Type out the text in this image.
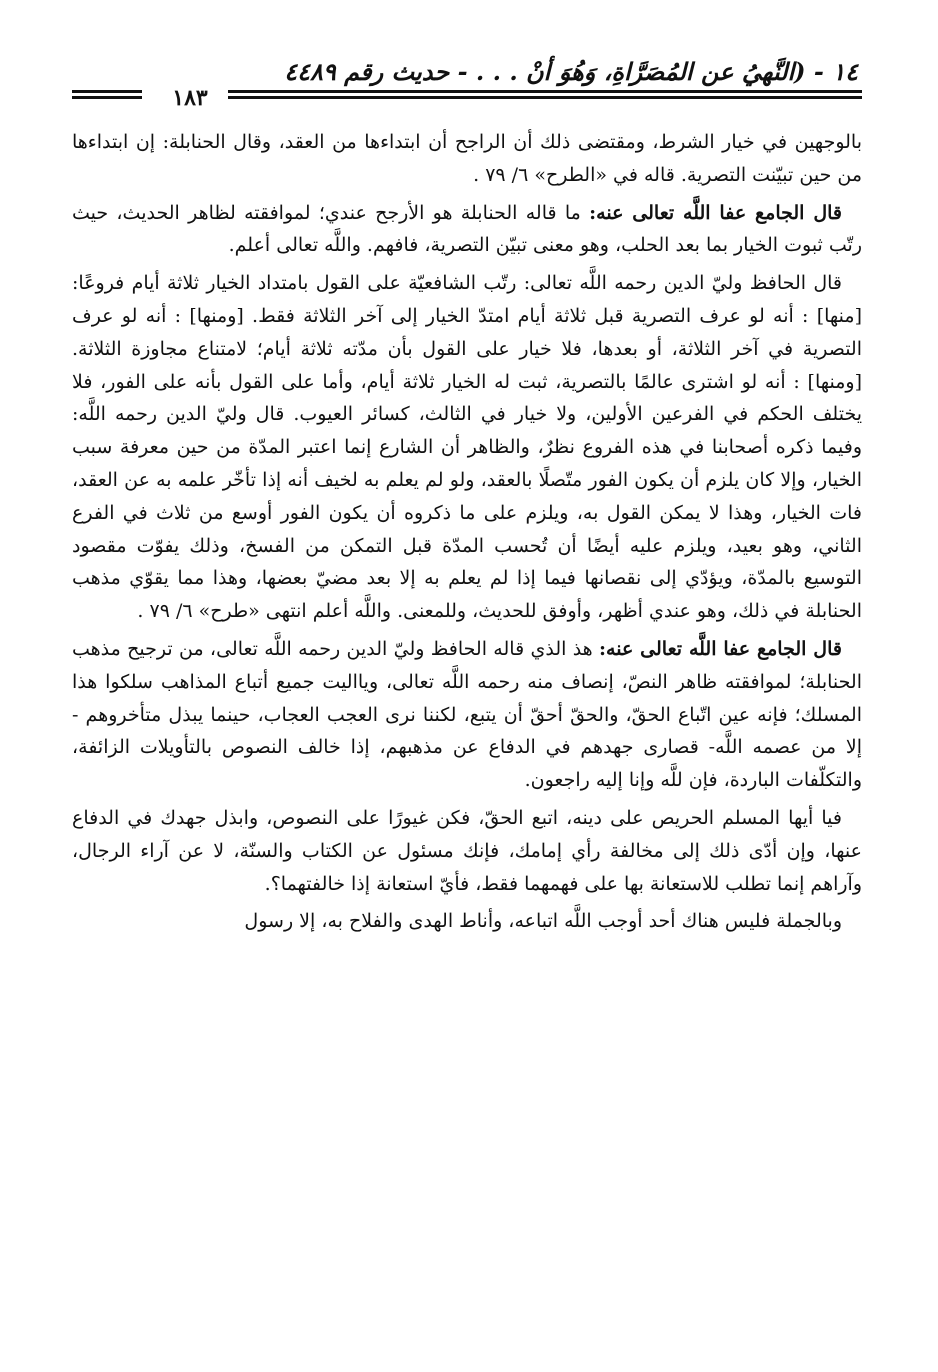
١٤ - (النَّهيُ عن المُصَرَّاةِ، وَهُوَ أنْ . . . - حديث رقم ٤٤٨٩
١٨٣

بالوجهين في خيار الشرط، ومقتضى ذلك أن الراجح أن ابتداءها من العقد، وقال الحنابلة: إن ابتداءها من حين تبيّنت التصرية. قاله في «الطرح» ٦/ ٧٩ .

قال الجامع عفا اللَّه تعالى عنه: ما قاله الحنابلة هو الأرجح عندي؛ لموافقته لظاهر الحديث، حيث رتّب ثبوت الخيار بما بعد الحلب، وهو معنى تبيّن التصرية، فافهم. واللَّه تعالى أعلم.

قال الحافظ وليّ الدين رحمه اللَّه تعالى: رتّب الشافعيّة على القول بامتداد الخيار ثلاثة أيام فروعًا: [منها] : أنه لو عرف التصرية قبل ثلاثة أيام امتدّ الخيار إلى آخر الثلاثة فقط. [ومنها] : أنه لو عرف التصرية في آخر الثلاثة، أو بعدها، فلا خيار على القول بأن مدّته ثلاثة أيام؛ لامتناع مجاوزة الثلاثة. [ومنها] : أنه لو اشترى عالمًا بالتصرية، ثبت له الخيار ثلاثة أيام، وأما على القول بأنه على الفور، فلا يختلف الحكم في الفرعين الأولين، ولا خيار في الثالث، كسائر العيوب. قال وليّ الدين رحمه اللَّه: وفيما ذكره أصحابنا في هذه الفروع نظرٌ، والظاهر أن الشارع إنما اعتبر المدّة من حين معرفة سبب الخيار، وإلا كان يلزم أن يكون الفور متّصلًا بالعقد، ولو لم يعلم به لخيف أنه إذا تأخّر علمه به عن العقد، فات الخيار، وهذا لا يمكن القول به، ويلزم على ما ذكروه أن يكون الفور أوسع من ثلاث في الفرع الثاني، وهو بعيد، ويلزم عليه أيضًا أن تُحسب المدّة قبل التمكن من الفسخ، وذلك يفوّت مقصود التوسيع بالمدّة، ويؤدّي إلى نقصانها فيما إذا لم يعلم به إلا بعد مضيّ بعضها، وهذا مما يقوّي مذهب الحنابلة في ذلك، وهو عندي أظهر، وأوفق للحديث، وللمعنى. واللَّه أعلم انتهى «طرح» ٦/ ٧٩ .

قال الجامع عفا اللَّه تعالى عنه: هذ الذي قاله الحافظ وليّ الدين رحمه اللَّه تعالى، من ترجيح مذهب الحنابلة؛ لموافقته ظاهر النصّ، إنصاف منه رحمه اللَّه تعالى، ويااليت جميع أتباع المذاهب سلكوا هذا المسلك؛ فإنه عين اتّباع الحقّ، والحقّ أحقّ أن يتبع، لكننا نرى العجب العجاب، حينما يبذل متأخروهم - إلا من عصمه اللَّه- قصارى جهدهم في الدفاع عن مذهبهم، إذا خالف النصوص بالتأويلات الزائفة، والتكلّفات الباردة، فإن للَّه وإنا إليه راجعون.

فيا أيها المسلم الحريص على دينه، اتبع الحقّ، فكن غيورًا على النصوص، وابذل جهدك في الدفاع عنها، وإن أدّى ذلك إلى مخالفة رأي إمامك، فإنك مسئول عن الكتاب والسنّة، لا عن آراء الرجال، وآراهم إنما تطلب للاستعانة بها على فهمهما فقط، فأيّ استعانة إذا خالفتهما؟.

وبالجملة فليس هناك أحد أوجب اللَّه اتباعه، وأناط الهدى والفلاح به، إلا رسول
